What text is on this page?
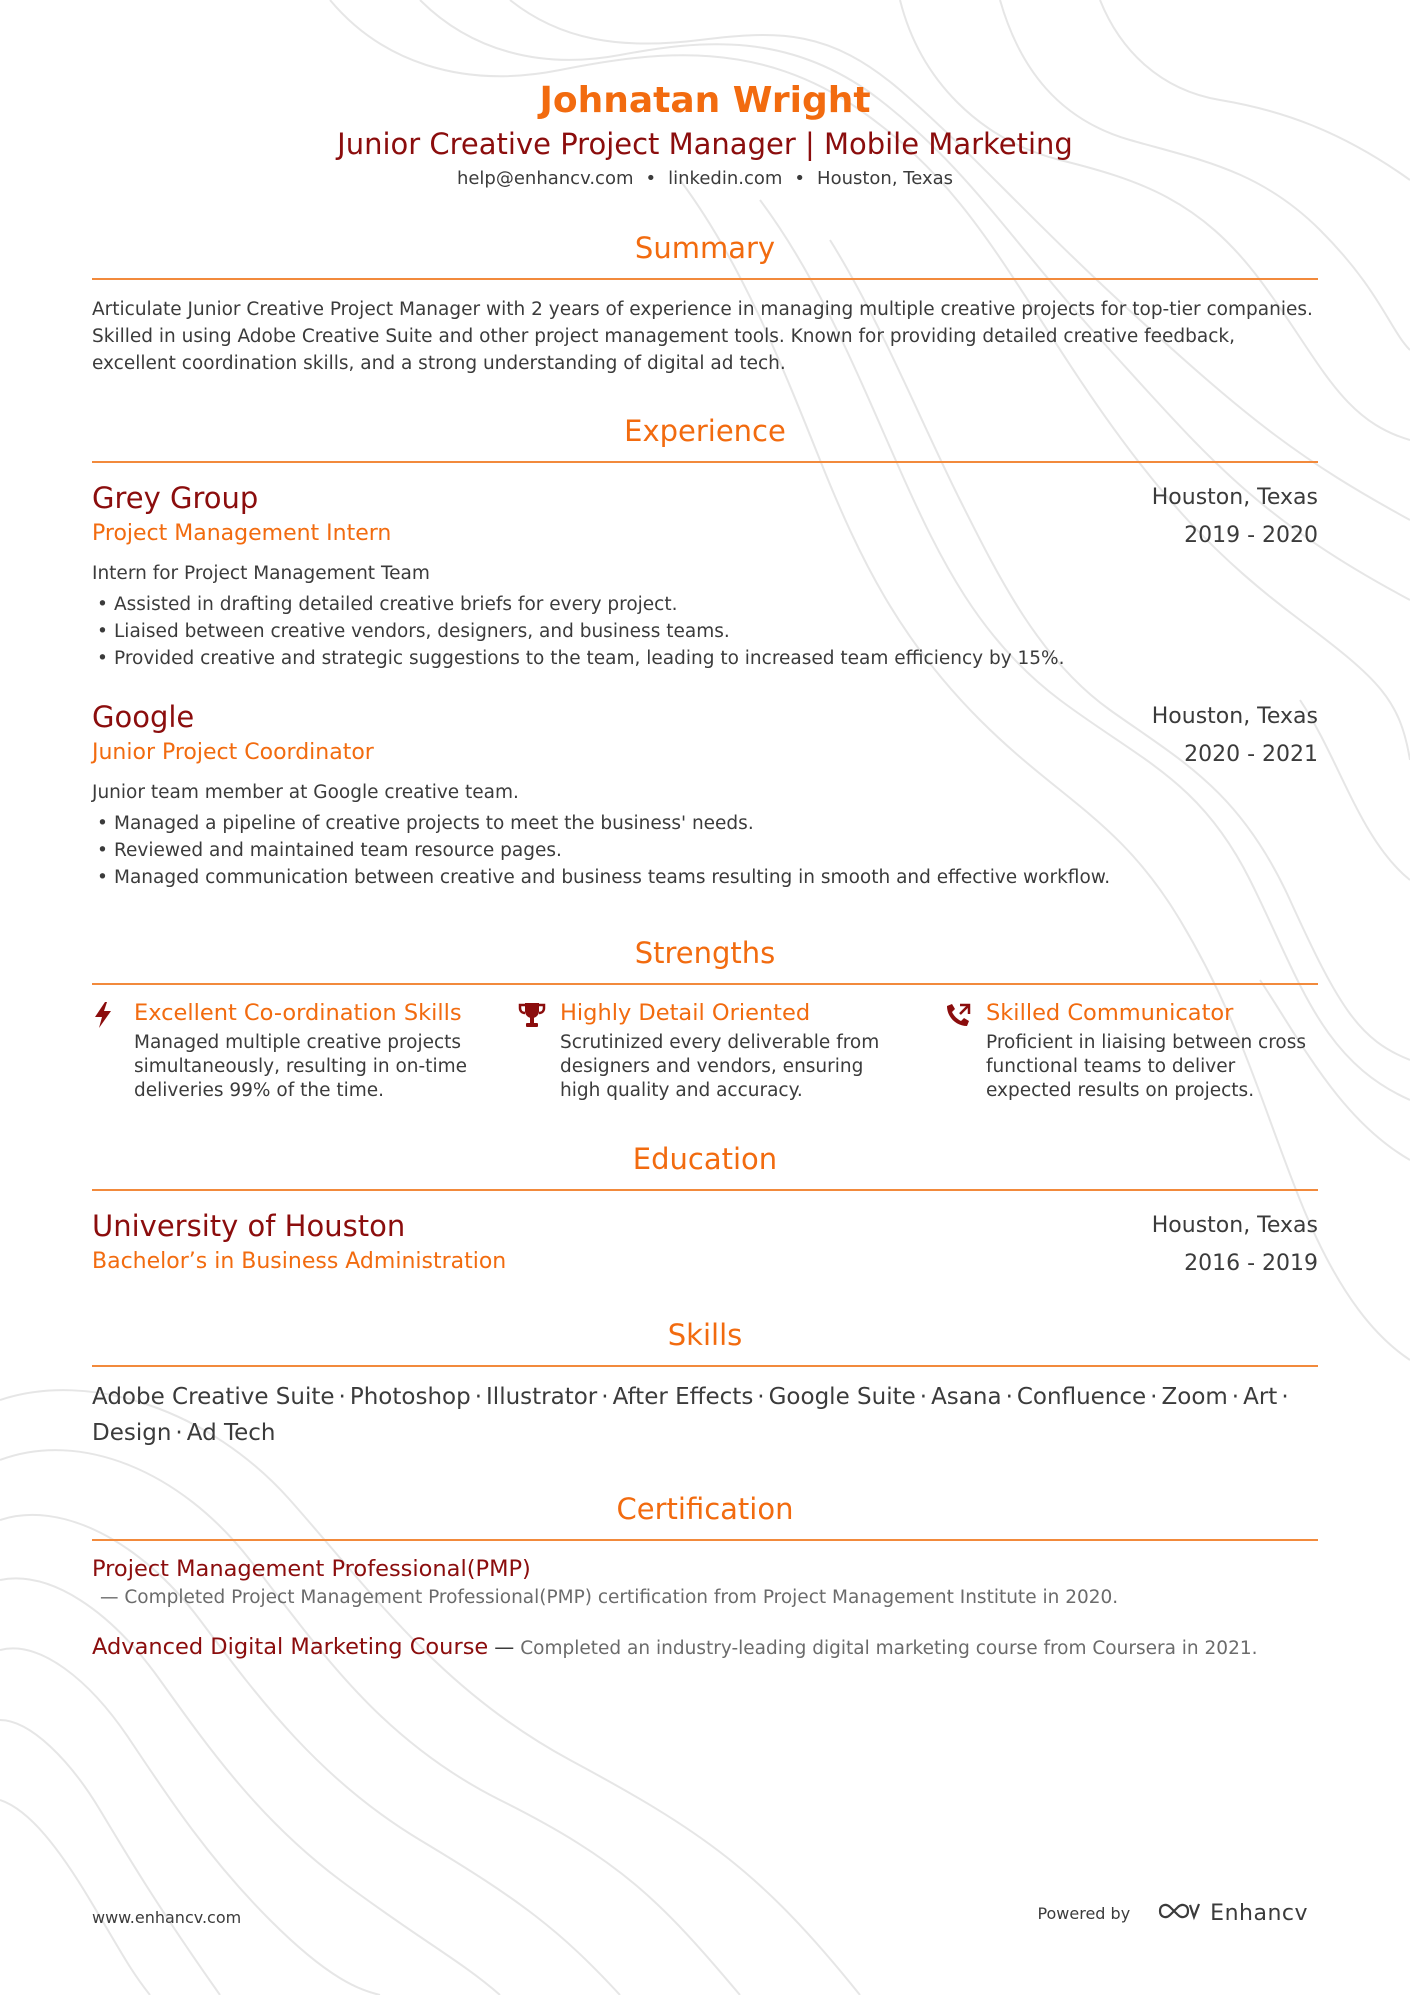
Johnatan Wright
Junior Creative Project Manager | Mobile Marketing
help@enhancv.com • linkedin.com • Houston, Texas
Summary
Articulate Junior Creative Project Manager with 2 years of experience in managing multiple creative projects for top-tier companies. Skilled in using Adobe Creative Suite and other project management tools. Known for providing detailed creative feedback, excellent coordination skills, and a strong understanding of digital ad tech.
Experience
Houston, Texas
2019 - 2020
Grey Group
Project Management Intern
Intern for Project Management Team
• Assisted in drafting detailed creative briefs for every project.
• Liaised between creative vendors, designers, and business teams.
• Provided creative and strategic suggestions to the team, leading to increased team efficiency by 15%.
Houston, Texas
2020 - 2021
Google
Junior Project Coordinator
Junior team member at Google creative team.
• Managed a pipeline of creative projects to meet the business' needs.
• Reviewed and maintained team resource pages.
• Managed communication between creative and business teams resulting in smooth and effective workflow.
Strengths
Excellent Co-ordination Skills
Managed multiple creative projects simultaneously, resulting in on-time deliveries 99% of the time.
Highly Detail Oriented
Scrutinized every deliverable from designers and vendors, ensuring high quality and accuracy.
Skilled Communicator
Proficient in liaising between cross functional teams to deliver expected results on projects.
Education
Houston, Texas
2016 - 2019
University of Houston
Bachelor’s in Business Administration
Skills
Adobe Creative Suite · Photoshop · Illustrator · After Effects · Google Suite · Asana · Confluence · Zoom · Art · Design · Ad Tech
Certification
Project Management Professional(PMP)
— Completed Project Management Professional(PMP) certification from Project Management Institute in 2020.
Advanced Digital Marketing Course — Completed an industry-leading digital marketing course from Coursera in 2021.
www.enhancv.com	Powered by	Enhancv
